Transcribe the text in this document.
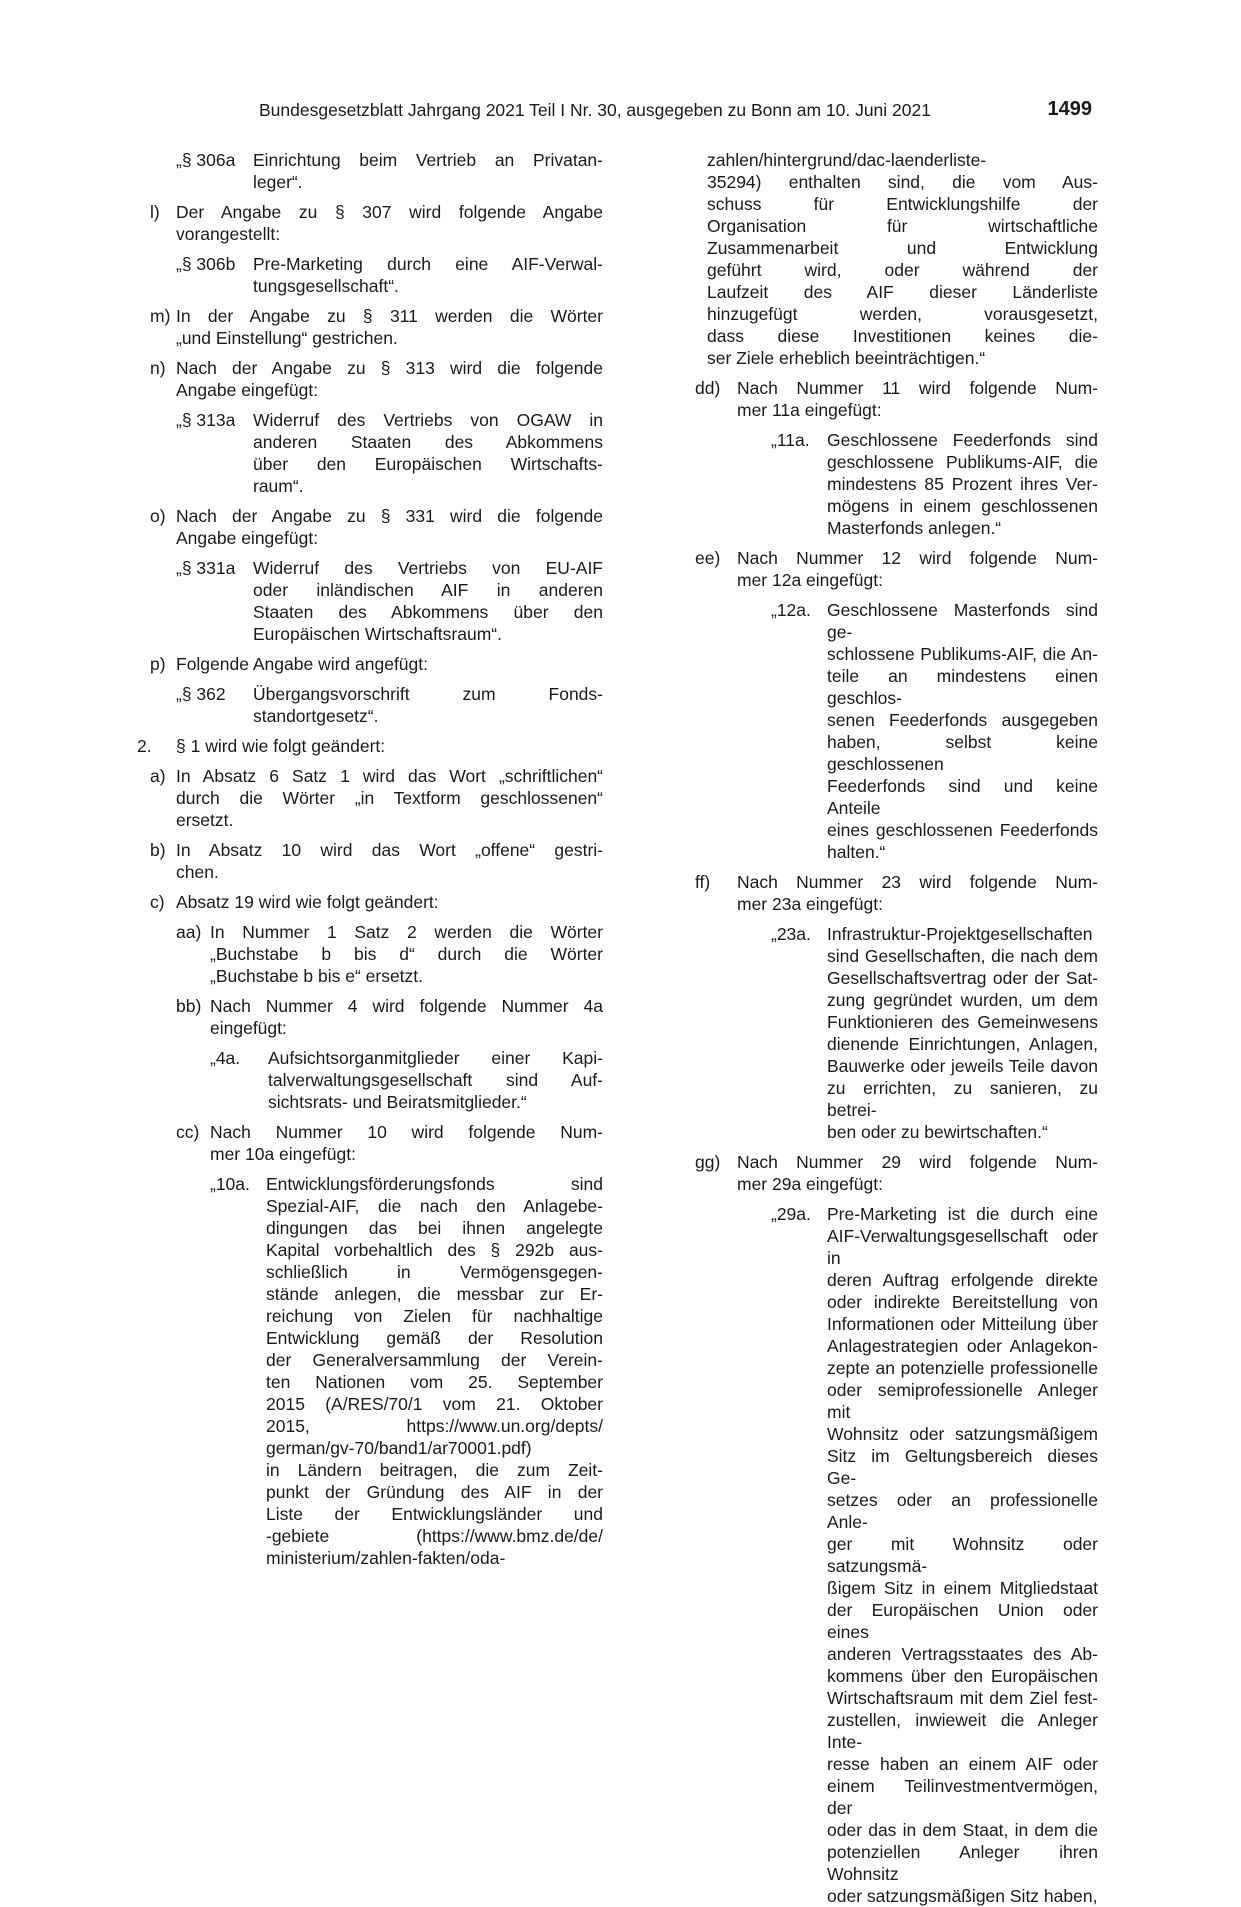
Bundesgesetzblatt Jahrgang 2021 Teil I Nr. 30, ausgegeben zu Bonn am 10. Juni 2021	1499
„§ 306a	Einrichtung beim Vertrieb an Privatan-
leger“.
l) Der Angabe zu § 307 wird folgende Angabe
vorangestellt:
„§ 306b	Pre-Marketing durch eine AIF-Verwal-
tungsgesellschaft“.
m) In der Angabe zu § 311 werden die Wörter
„und Einstellung“ gestrichen.
n) Nach der Angabe zu § 313 wird die folgende
Angabe eingefügt:
„§ 313a	Widerruf des Vertriebs von OGAW in
anderen Staaten des Abkommens
über den Europäischen Wirtschafts-
raum“.
o) Nach der Angabe zu § 331 wird die folgende
Angabe eingefügt:
„§ 331a	Widerruf des Vertriebs von EU-AIF
oder inländischen AIF in anderen
Staaten des Abkommens über den
Europäischen Wirtschaftsraum“.
p) Folgende Angabe wird angefügt:
„§ 362	Übergangsvorschrift zum Fonds-
standortgesetz“.
2.	§ 1 wird wie folgt geändert:
a) In Absatz 6 Satz 1 wird das Wort „schriftlichen“
durch die Wörter „in Textform geschlossenen“
ersetzt.
b) In Absatz 10 wird das Wort „offene“ gestri-
chen.
c) Absatz 19 wird wie folgt geändert:
aa) In Nummer 1 Satz 2 werden die Wörter
„Buchstabe b bis d“ durch die Wörter
„Buchstabe b bis e“ ersetzt.
bb) Nach Nummer 4 wird folgende Nummer 4a
eingefügt:
„4a.	Aufsichtsorganmitglieder einer Kapi-
talverwaltungsgesellschaft sind Auf-
sichtsrats- und Beiratsmitglieder.“
cc) Nach Nummer 10 wird folgende Num-
mer 10a eingefügt:
„10a. Entwicklungsförderungsfonds sind
Spezial-AIF, die nach den Anlagebe-
dingungen das bei ihnen angelegte
Kapital vorbehaltlich des § 292b aus-
schließlich in Vermögensgegen-
stände anlegen, die messbar zur Er-
reichung von Zielen für nachhaltige
Entwicklung gemäß der Resolution
der Generalversammlung der Verein-
ten Nationen vom 25. September
2015 (A/RES/70/1 vom 21. Oktober
2015, https://www.un.org/depts/
german/gv-70/band1/ar70001.pdf)
in Ländern beitragen, die zum Zeit-
punkt der Gründung des AIF in der
Liste der Entwicklungsländer und
-gebiete (https://www.bmz.de/de/
ministerium/zahlen-fakten/oda-
zahlen/hintergrund/dac-laenderliste-
35294) enthalten sind, die vom Aus-
schuss für Entwicklungshilfe der
Organisation für wirtschaftliche
Zusammenarbeit und Entwicklung
geführt wird, oder während der
Laufzeit des AIF dieser Länderliste
hinzugefügt werden, vorausgesetzt,
dass diese Investitionen keines die-
ser Ziele erheblich beeinträchtigen.“
dd) Nach Nummer 11 wird folgende Num-
mer 11a eingefügt:
„11a. Geschlossene Feederfonds sind
geschlossene Publikums-AIF, die
mindestens 85 Prozent ihres Ver-
mögens in einem geschlossenen
Masterfonds anlegen.“
ee) Nach Nummer 12 wird folgende Num-
mer 12a eingefügt:
„12a. Geschlossene Masterfonds sind ge-
schlossene Publikums-AIF, die An-
teile an mindestens einen geschlos-
senen Feederfonds ausgegeben
haben, selbst keine geschlossenen
Feederfonds sind und keine Anteile
eines geschlossenen Feederfonds
halten.“
ff)	Nach Nummer 23 wird folgende Num-
mer 23a eingefügt:
„23a. Infrastruktur-Projektgesellschaften
sind Gesellschaften, die nach dem
Gesellschaftsvertrag oder der Sat-
zung gegründet wurden, um dem
Funktionieren des Gemeinwesens
dienende Einrichtungen, Anlagen,
Bauwerke oder jeweils Teile davon
zu errichten, zu sanieren, zu betrei-
ben oder zu bewirtschaften.“
gg) Nach Nummer 29 wird folgende Num-
mer 29a eingefügt:
„29a. Pre-Marketing ist die durch eine
AIF-Verwaltungsgesellschaft oder in
deren Auftrag erfolgende direkte
oder indirekte Bereitstellung von
Informationen oder Mitteilung über
Anlagestrategien oder Anlagekon-
zepte an potenzielle professionelle
oder semiprofessionelle Anleger mit
Wohnsitz oder satzungsmäßigem
Sitz im Geltungsbereich dieses Ge-
setzes oder an professionelle Anle-
ger mit Wohnsitz oder satzungsmä-
ßigem Sitz in einem Mitgliedstaat
der Europäischen Union oder eines
anderen Vertragsstaates des Ab-
kommens über den Europäischen
Wirtschaftsraum mit dem Ziel fest-
zustellen, inwieweit die Anleger Inte-
resse haben an einem AIF oder
einem Teilinvestmentvermögen, der
oder das in dem Staat, in dem die
potenziellen Anleger ihren Wohnsitz
oder satzungsmäßigen Sitz haben,
